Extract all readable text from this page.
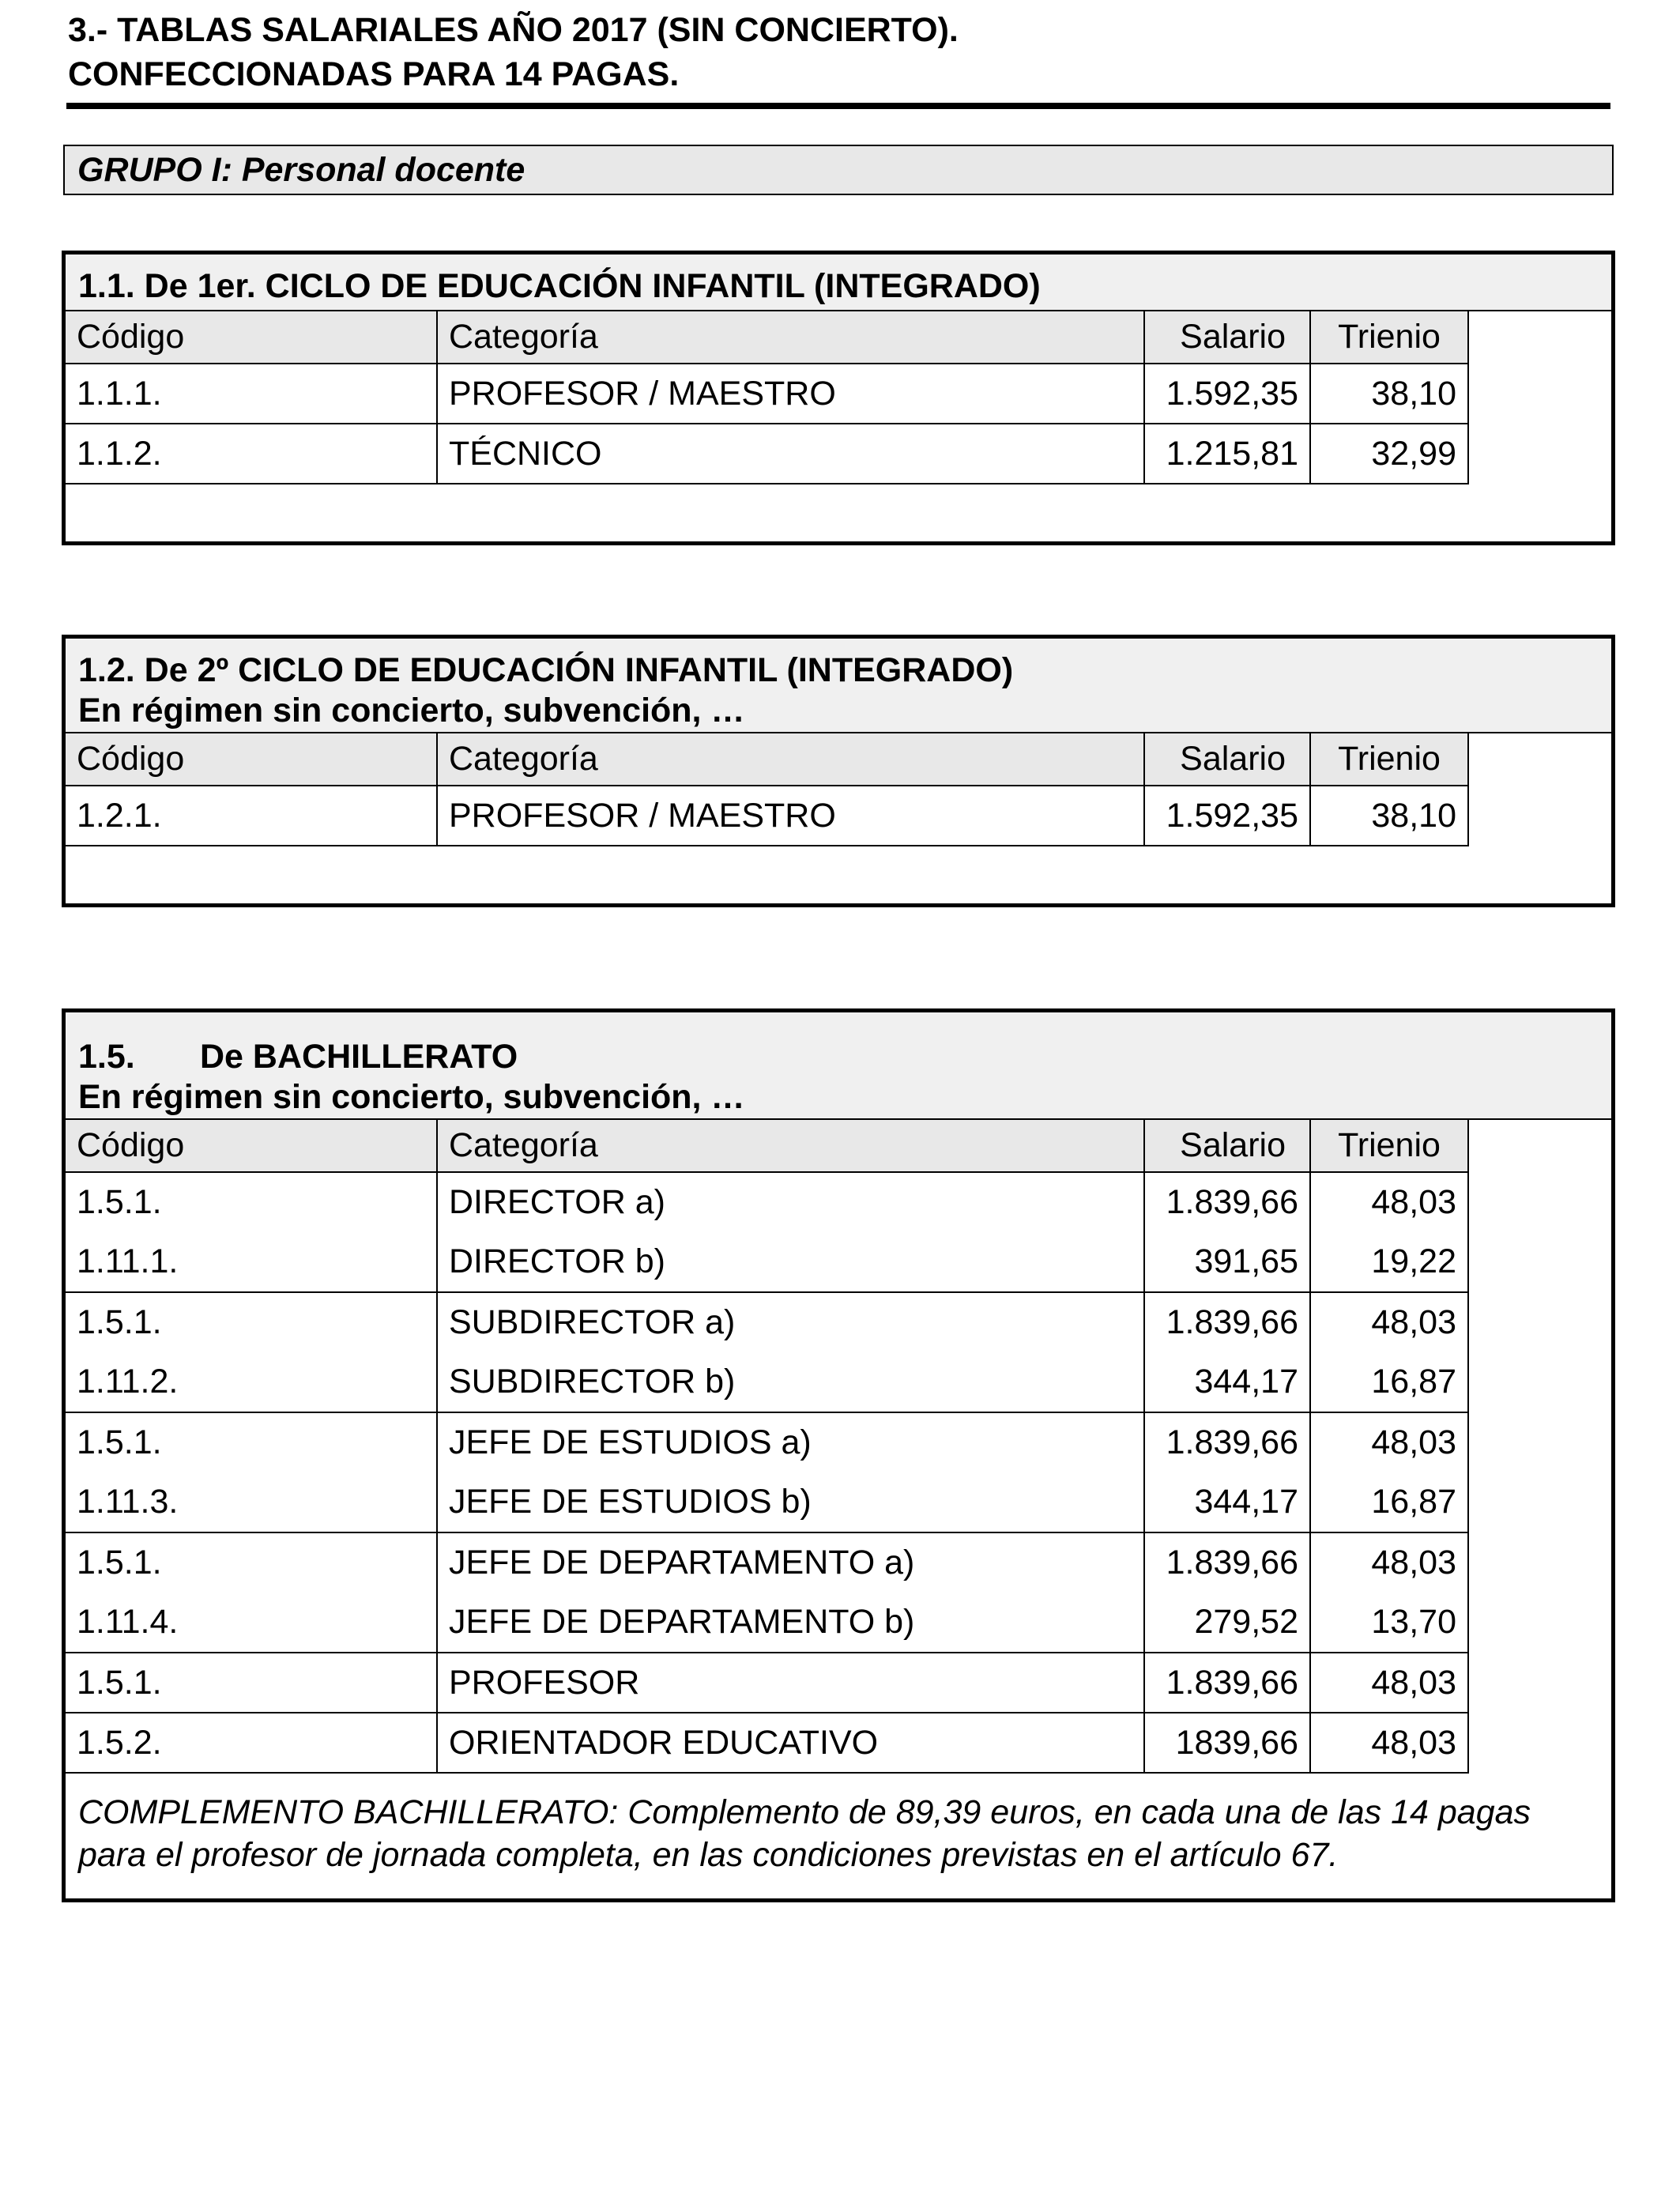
3.- TABLAS SALARIALES AÑO 2017 (SIN CONCIERTO).
CONFECCIONADAS PARA 14 PAGAS.
GRUPO I: Personal docente
1.1. De 1er. CICLO DE EDUCACIÓN INFANTIL (INTEGRADO)
Código	Categoría	Salario	Trienio
1.1.1.	PROFESOR / MAESTRO	1.592,35	38,10
1.1.2.	TÉCNICO	1.215,81	32,99
1.2. De 2º CICLO DE EDUCACIÓN INFANTIL (INTEGRADO)
En régimen sin concierto, subvención, …
Código	Categoría	Salario	Trienio
1.2.1.	PROFESOR / MAESTRO	1.592,35	38,10
1.5. De BACHILLERATO
En régimen sin concierto, subvención, …
Código	Categoría	Salario	Trienio
1.5.1.	DIRECTOR a)	1.839,66	48,03
1.11.1.	DIRECTOR b)	391,65	19,22
1.5.1.	SUBDIRECTOR a)	1.839,66	48,03
1.11.2.	SUBDIRECTOR b)	344,17	16,87
1.5.1.	JEFE DE ESTUDIOS a)	1.839,66	48,03
1.11.3.	JEFE DE ESTUDIOS b)	344,17	16,87
1.5.1.	JEFE DE DEPARTAMENTO a)	1.839,66	48,03
1.11.4.	JEFE DE DEPARTAMENTO b)	279,52	13,70
1.5.1.	PROFESOR	1.839,66	48,03
1.5.2.	ORIENTADOR EDUCATIVO	1839,66	48,03
COMPLEMENTO BACHILLERATO: Complemento de 89,39 euros, en cada una de las 14 pagas para el profesor de jornada completa, en las condiciones previstas en el artículo 67.
